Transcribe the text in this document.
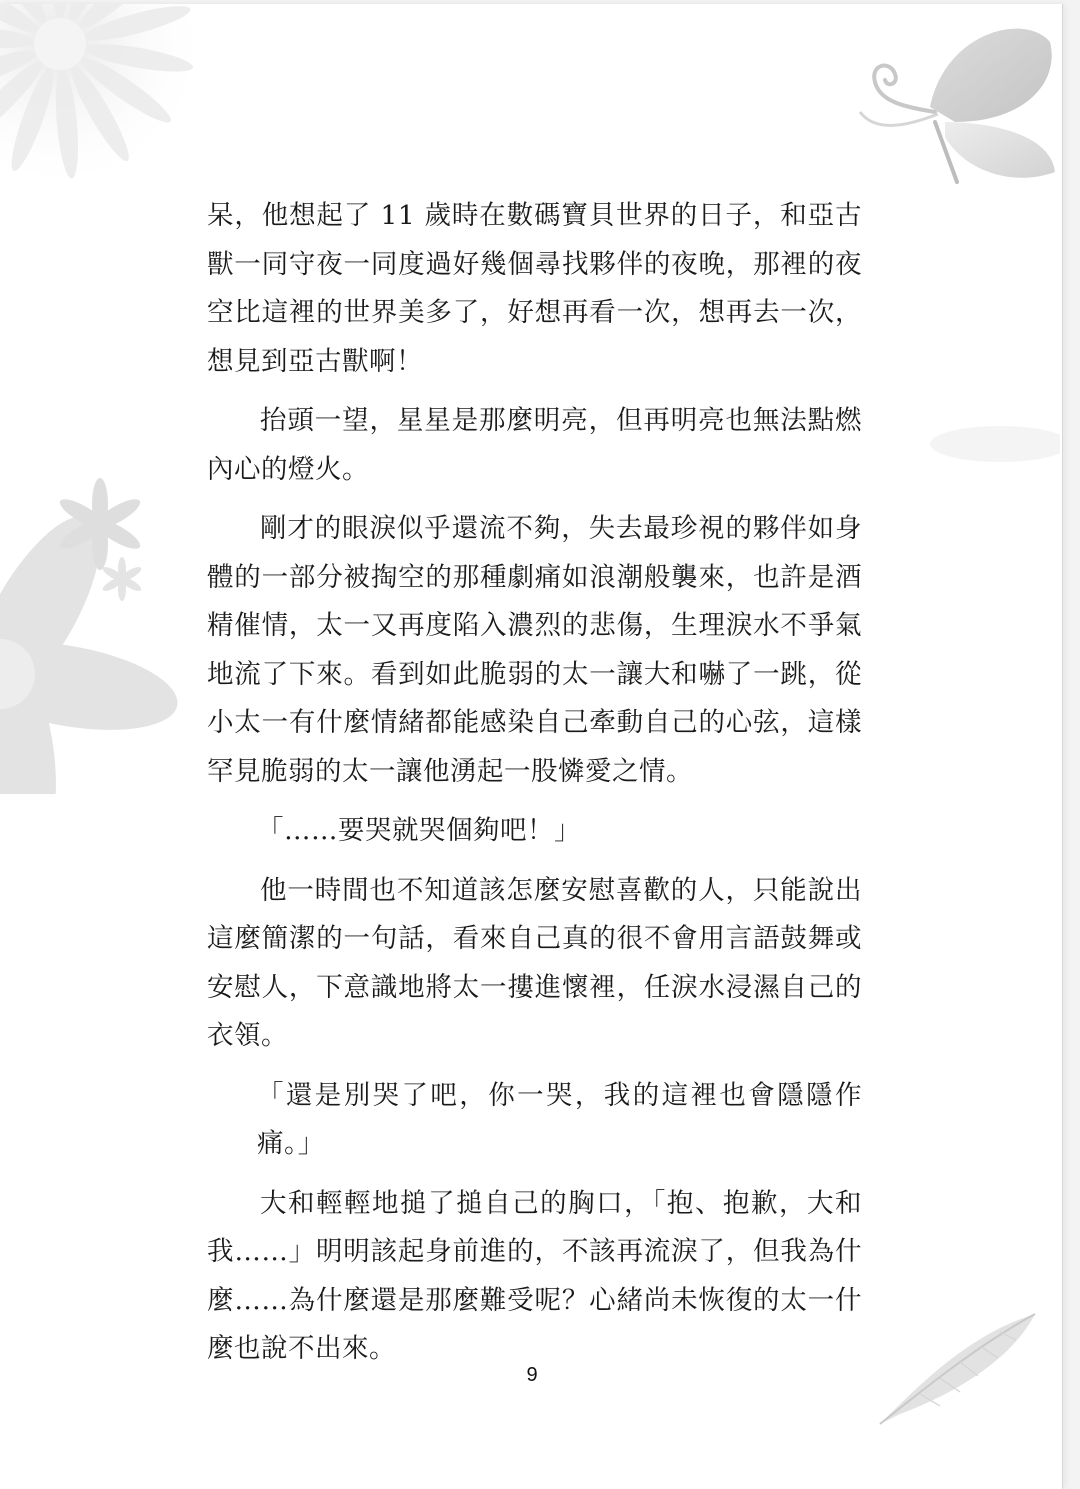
呆，他想起了 11 歲時在數碼寶貝世界的日子，和亞古獸一同守夜一同度過好幾個尋找夥伴的夜晚，那裡的夜空比這裡的世界美多了，好想再看一次，想再去一次，想見到亞古獸啊！

抬頭一望，星星是那麼明亮，但再明亮也無法點燃內心的燈火。

剛才的眼淚似乎還流不夠，失去最珍視的夥伴如身體的一部分被掏空的那種劇痛如浪潮般襲來，也許是酒精催情，太一又再度陷入濃烈的悲傷，生理淚水不爭氣地流了下來。看到如此脆弱的太一讓大和嚇了一跳，從小太一有什麼情緒都能感染自己牽動自己的心弦，這樣罕見脆弱的太一讓他湧起一股憐愛之情。

「……要哭就哭個夠吧！」

他一時間也不知道該怎麼安慰喜歡的人，只能說出這麼簡潔的一句話，看來自己真的很不會用言語鼓舞或安慰人，下意識地將太一摟進懷裡，任淚水浸濕自己的衣領。

「還是別哭了吧，你一哭，我的這裡也會隱隱作痛。」

大和輕輕地搥了搥自己的胸口，「抱、抱歉，大和我……」明明該起身前進的，不該再流淚了，但我為什麼……為什麼還是那麼難受呢？心緒尚未恢復的太一什麼也說不出來。

9
